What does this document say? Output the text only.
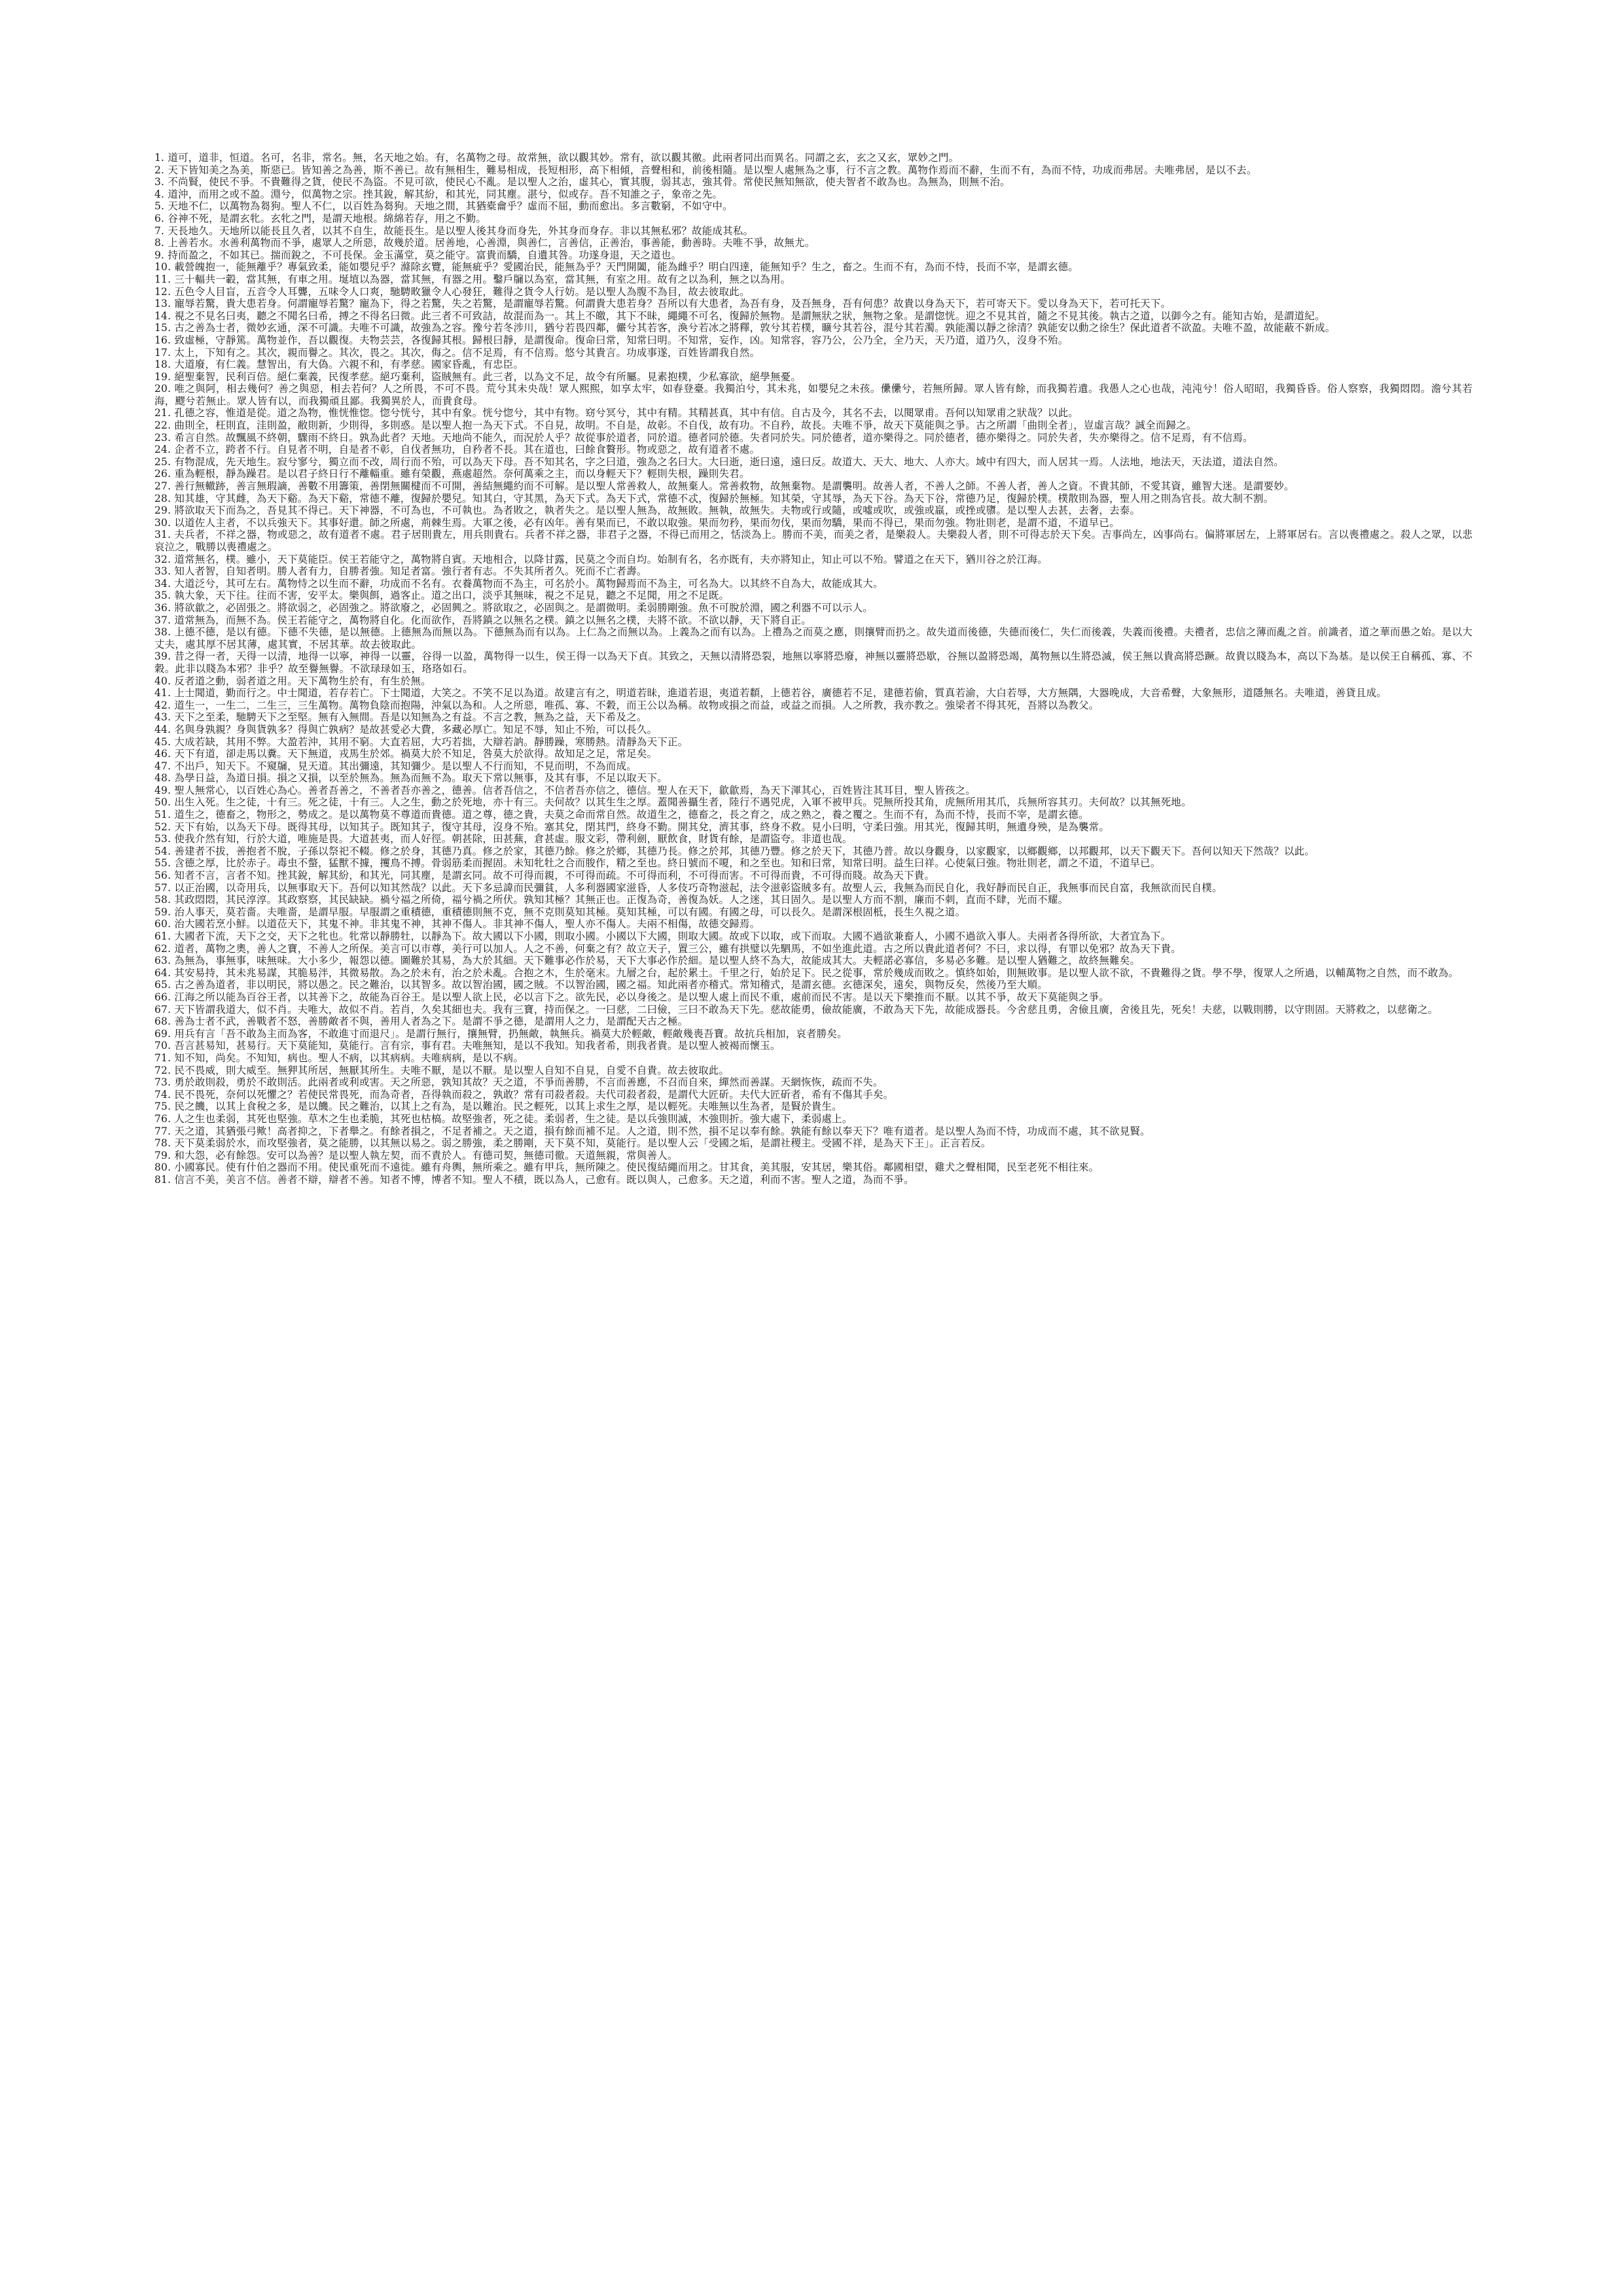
1. 道可，道非，恒道。名可，名非，常名。無，名天地之始。有，名萬物之母。故常無，欲以觀其妙。常有，欲以觀其徼。此兩者同出而異名。同謂之玄，玄之又玄，眾妙之門。

2. 天下皆知美之為美，斯惡已。皆知善之為善，斯不善已。故有無相生，難易相成，長短相形，高下相傾，音聲相和，前後相隨。是以聖人處無為之事，行不言之教。萬物作焉而不辭，生而不有，為而不恃，功成而弗居。夫唯弗居，是以不去。

3. 不尚賢，使民不爭。不貴難得之貨，使民不為盜。不見可欲，使民心不亂。是以聖人之治，虛其心，實其腹，弱其志，強其骨。常使民無知無欲，使夫智者不敢為也。為無為，則無不治。

4. 道沖，而用之或不盈。淵兮，似萬物之宗。挫其銳，解其紛，和其光，同其塵。湛兮，似或存。吾不知誰之子，象帝之先。

5. 天地不仁，以萬物為芻狗。聖人不仁，以百姓為芻狗。天地之間，其猶橐龠乎？虛而不屈，動而愈出。多言數窮，不如守中。

6. 谷神不死，是謂玄牝。玄牝之門，是謂天地根。綿綿若存，用之不勤。

7. 天長地久。天地所以能長且久者，以其不自生，故能長生。是以聖人後其身而身先，外其身而身存。非以其無私邪？故能成其私。

8. 上善若水。水善利萬物而不爭，處眾人之所惡，故幾於道。居善地，心善淵，與善仁，言善信，正善治，事善能，動善時。夫唯不爭，故無尤。

9. 持而盈之，不如其已。揣而銳之，不可長保。金玉滿堂，莫之能守。富貴而驕，自遺其咎。功遂身退，天之道也。

10. 載營魄抱一，能無離乎？專氣致柔，能如嬰兒乎？滌除玄覽，能無疵乎？愛國治民，能無為乎？天門開闔，能為雌乎？明白四達，能無知乎？生之，畜之。生而不有，為而不恃，長而不宰，是謂玄德。

11. 三十輻共一轂，當其無，有車之用。埏埴以為器，當其無，有器之用。鑿戶牖以為室，當其無，有室之用。故有之以為利，無之以為用。

12. 五色令人目盲，五音令人耳聾，五味令人口爽，馳騁畋獵令人心發狂，難得之貨令人行妨。是以聖人為腹不為目，故去彼取此。

13. 寵辱若驚，貴大患若身。何謂寵辱若驚？寵為下，得之若驚，失之若驚，是謂寵辱若驚。何謂貴大患若身？吾所以有大患者，為吾有身，及吾無身，吾有何患？故貴以身為天下，若可寄天下。愛以身為天下，若可托天下。

14. 視之不見名曰夷，聽之不聞名曰希，搏之不得名曰微。此三者不可致詰，故混而為一。其上不皦，其下不昧，繩繩不可名，復歸於無物。是謂無狀之狀，無物之象。是謂惚恍。迎之不見其首，隨之不見其後。執古之道，以御今之有。能知古始，是謂道紀。

15. 古之善為士者，微妙玄通，深不可識。夫唯不可識，故強為之容。豫兮若冬涉川，猶兮若畏四鄰，儼兮其若客，渙兮若冰之將釋，敦兮其若樸，曠兮其若谷，混兮其若濁。孰能濁以靜之徐清？孰能安以動之徐生？保此道者不欲盈。夫唯不盈，故能蔽不新成。

16. 致虛極，守靜篤。萬物並作，吾以觀復。夫物芸芸，各復歸其根。歸根曰靜，是謂復命。復命曰常，知常曰明。不知常，妄作，凶。知常容，容乃公，公乃全，全乃天，天乃道，道乃久，沒身不殆。

17. 太上，下知有之。其次，親而譽之。其次，畏之。其次，侮之。信不足焉，有不信焉。悠兮其貴言。功成事遂，百姓皆謂我自然。

18. 大道廢，有仁義。慧智出，有大偽。六親不和，有孝慈。國家昏亂，有忠臣。

19. 絕聖棄智，民利百倍。絕仁棄義，民復孝慈。絕巧棄利，盜賊無有。此三者，以為文不足，故令有所屬。見素抱樸，少私寡欲，絕學無憂。

20. 唯之與阿，相去幾何？善之與惡，相去若何？人之所畏，不可不畏。荒兮其未央哉！眾人熙熙，如享太牢，如春登臺。我獨泊兮，其未兆，如嬰兒之未孩。儽儽兮，若無所歸。眾人皆有餘，而我獨若遺。我愚人之心也哉，沌沌兮！俗人昭昭，我獨昏昏。俗人察察，我獨悶悶。澹兮其若海，飂兮若無止。眾人皆有以，而我獨頑且鄙。我獨異於人，而貴食母。

21. 孔德之容，惟道是從。道之為物，惟恍惟惚。惚兮恍兮，其中有象。恍兮惚兮，其中有物。窈兮冥兮，其中有精。其精甚真，其中有信。自古及今，其名不去，以閱眾甫。吾何以知眾甫之狀哉？以此。

22. 曲則全，枉則直，洼則盈，敝則新，少則得，多則惑。是以聖人抱一為天下式。不自見，故明。不自是，故彰。不自伐，故有功。不自矜，故長。夫唯不爭，故天下莫能與之爭。古之所謂「曲則全者」，豈虛言哉？誠全而歸之。

23. 希言自然。故飄風不終朝，驟雨不終日。孰為此者？天地。天地尚不能久，而況於人乎？故從事於道者，同於道。德者同於德。失者同於失。同於德者，道亦樂得之。同於德者，德亦樂得之。同於失者，失亦樂得之。信不足焉，有不信焉。

24. 企者不立，跨者不行。自見者不明，自是者不彰，自伐者無功，自矜者不長。其在道也，曰餘食贅形。物或惡之，故有道者不處。

25. 有物混成，先天地生。寂兮寥兮，獨立而不改，周行而不殆，可以為天下母。吾不知其名，字之曰道，強為之名曰大。大曰逝，逝曰遠，遠曰反。故道大、天大、地大、人亦大。域中有四大，而人居其一焉。人法地，地法天，天法道，道法自然。

26. 重為輕根，靜為躁君。是以君子終日行不離輜重。雖有榮觀，燕處超然。奈何萬乘之主，而以身輕天下？輕則失根，躁則失君。

27. 善行無轍跡，善言無瑕謫，善數不用籌策，善閉無關楗而不可開，善結無繩約而不可解。是以聖人常善救人，故無棄人。常善救物，故無棄物。是謂襲明。故善人者，不善人之師。不善人者，善人之資。不貴其師，不愛其資，雖智大迷。是謂要妙。

28. 知其雄，守其雌，為天下谿。為天下谿，常德不離，復歸於嬰兒。知其白，守其黑，為天下式。為天下式，常德不忒，復歸於無極。知其榮，守其辱，為天下谷。為天下谷，常德乃足，復歸於樸。樸散則為器，聖人用之則為官長。故大制不割。

29. 將欲取天下而為之，吾見其不得已。天下神器，不可為也，不可執也。為者敗之，執者失之。是以聖人無為，故無敗。無執，故無失。夫物或行或隨，或噓或吹，或強或羸，或挫或隳。是以聖人去甚，去奢，去泰。

30. 以道佐人主者，不以兵強天下。其事好還。師之所處，荊棘生焉。大軍之後，必有凶年。善有果而已，不敢以取強。果而勿矜，果而勿伐，果而勿驕，果而不得已，果而勿強。物壯則老，是謂不道，不道早已。

31. 夫兵者，不祥之器，物或惡之，故有道者不處。君子居則貴左，用兵則貴右。兵者不祥之器，非君子之器，不得已而用之，恬淡為上。勝而不美，而美之者，是樂殺人。夫樂殺人者，則不可得志於天下矣。吉事尚左，凶事尚右。偏將軍居左，上將軍居右。言以喪禮處之。殺人之眾，以悲哀泣之，戰勝以喪禮處之。

32. 道常無名，樸。雖小，天下莫能臣。侯王若能守之，萬物將自賓。天地相合，以降甘露，民莫之令而自均。始制有名，名亦既有，夫亦將知止，知止可以不殆。譬道之在天下，猶川谷之於江海。

33. 知人者智，自知者明。勝人者有力，自勝者強。知足者富。強行者有志。不失其所者久。死而不亡者壽。

34. 大道泛兮，其可左右。萬物恃之以生而不辭，功成而不名有。衣養萬物而不為主，可名於小。萬物歸焉而不為主，可名為大。以其終不自為大，故能成其大。

35. 執大象，天下往。往而不害，安平太。樂與餌，過客止。道之出口，淡乎其無味，視之不足見，聽之不足聞，用之不足既。

36. 將欲歙之，必固張之。將欲弱之，必固強之。將欲廢之，必固興之。將欲取之，必固與之。是謂微明。柔弱勝剛強。魚不可脫於淵，國之利器不可以示人。

37. 道常無為，而無不為。侯王若能守之，萬物將自化。化而欲作，吾將鎮之以無名之樸。鎮之以無名之樸，夫將不欲。不欲以靜，天下將自正。

38. 上德不德，是以有德。下德不失德，是以無德。上德無為而無以為。下德無為而有以為。上仁為之而無以為。上義為之而有以為。上禮為之而莫之應，則攘臂而扔之。故失道而後德，失德而後仁，失仁而後義，失義而後禮。夫禮者，忠信之薄而亂之首。前識者，道之華而愚之始。是以大丈夫，處其厚不居其薄，處其實，不居其華。故去彼取此。

39. 昔之得一者，天得一以清，地得一以寧，神得一以靈，谷得一以盈，萬物得一以生，侯王得一以為天下貞。其致之，天無以清將恐裂，地無以寧將恐廢，神無以靈將恐歇，谷無以盈將恐竭，萬物無以生將恐滅，侯王無以貴高將恐蹶。故貴以賤為本，高以下為基。是以侯王自稱孤、寡、不穀。此非以賤為本邪？非乎？故至譽無譽。不欲琭琭如玉，珞珞如石。

40. 反者道之動，弱者道之用。天下萬物生於有，有生於無。

41. 上士聞道，勤而行之。中士聞道，若存若亡。下士聞道，大笑之。不笑不足以為道。故建言有之，明道若昧，進道若退，夷道若纇，上德若谷，廣德若不足，建德若偷，質真若渝，大白若辱，大方無隅，大器晚成，大音希聲，大象無形，道隱無名。夫唯道，善貸且成。

42. 道生一，一生二，二生三，三生萬物。萬物負陰而抱陽，沖氣以為和。人之所惡，唯孤、寡、不穀，而王公以為稱。故物或損之而益，或益之而損。人之所教，我亦教之。強梁者不得其死，吾將以為教父。

43. 天下之至柔，馳騁天下之至堅。無有入無間。吾是以知無為之有益。不言之教，無為之益，天下希及之。

44. 名與身孰親？身與貨孰多？得與亡孰病？是故甚愛必大費，多藏必厚亡。知足不辱，知止不殆，可以長久。

45. 大成若缺，其用不弊。大盈若沖，其用不窮。大直若屈，大巧若拙，大辯若訥。靜勝躁，寒勝熱。清靜為天下正。

46. 天下有道，卻走馬以糞。天下無道，戎馬生於郊。禍莫大於不知足，咎莫大於欲得。故知足之足，常足矣。

47. 不出戶，知天下。不窺牖，見天道。其出彌遠，其知彌少。是以聖人不行而知，不見而明，不為而成。

48. 為學日益，為道日損。損之又損，以至於無為。無為而無不為。取天下常以無事，及其有事，不足以取天下。

49. 聖人無常心，以百姓心為心。善者吾善之，不善者吾亦善之，德善。信者吾信之，不信者吾亦信之，德信。聖人在天下，歙歙焉，為天下渾其心，百姓皆注其耳目，聖人皆孩之。

50. 出生入死。生之徒，十有三。死之徒，十有三。人之生，動之於死地，亦十有三。夫何故？以其生生之厚。蓋聞善攝生者，陸行不遇兕虎，入軍不被甲兵。兕無所投其角，虎無所用其爪，兵無所容其刃。夫何故？以其無死地。

51. 道生之，德畜之，物形之，勢成之。是以萬物莫不尊道而貴德。道之尊，德之貴，夫莫之命而常自然。故道生之，德畜之，長之育之，成之熟之，養之覆之。生而不有，為而不恃，長而不宰，是謂玄德。

52. 天下有始，以為天下母。既得其母，以知其子。既知其子，復守其母，沒身不殆。塞其兌，閉其門，終身不勤。開其兌，濟其事，終身不救。見小曰明，守柔曰強。用其光，復歸其明，無遺身殃，是為襲常。

53. 使我介然有知，行於大道，唯施是畏。大道甚夷，而人好徑。朝甚除，田甚蕪，倉甚虛。服文彩，帶利劍，厭飲食，財貨有餘，是謂盜夸。非道也哉。

54. 善建者不拔，善抱者不脫，子孫以祭祀不輟。修之於身，其德乃真。修之於家，其德乃餘。修之於鄉，其德乃長。修之於邦，其德乃豐。修之於天下，其德乃普。故以身觀身，以家觀家，以鄉觀鄉，以邦觀邦，以天下觀天下。吾何以知天下然哉？以此。

55. 含德之厚，比於赤子。毒虫不螫，猛獸不據，攫鳥不搏。骨弱筋柔而握固。未知牝牡之合而朘作，精之至也。終日號而不嗄，和之至也。知和曰常，知常曰明。益生曰祥。心使氣曰強。物壯則老，謂之不道，不道早已。

56. 知者不言，言者不知。挫其銳，解其紛，和其光，同其塵，是謂玄同。故不可得而親，不可得而疏。不可得而利，不可得而害。不可得而貴，不可得而賤。故為天下貴。

57. 以正治國，以奇用兵，以無事取天下。吾何以知其然哉？以此。天下多忌諱而民彌貧，人多利器國家滋昏，人多伎巧奇物滋起，法令滋彰盜賊多有。故聖人云，我無為而民自化，我好靜而民自正，我無事而民自富，我無欲而民自樸。

58. 其政悶悶，其民淳淳。其政察察，其民缺缺。禍兮福之所倚，福兮禍之所伏。孰知其極？其無正也。正復為奇，善復為妖。人之迷，其日固久。是以聖人方而不割，廉而不刺，直而不肆，光而不耀。

59. 治人事天，莫若嗇。夫唯嗇，是謂早服。早服謂之重積德，重積德則無不克，無不克則莫知其極。莫知其極，可以有國。有國之母，可以長久。是謂深根固柢，長生久視之道。

60. 治大國若烹小鮮。以道莅天下，其鬼不神。非其鬼不神，其神不傷人。非其神不傷人，聖人亦不傷人。夫兩不相傷，故德交歸焉。

61. 大國者下流，天下之交，天下之牝也。牝常以靜勝牡，以靜為下。故大國以下小國，則取小國。小國以下大國，則取大國。故或下以取，或下而取。大國不過欲兼畜人，小國不過欲入事人。夫兩者各得所欲，大者宜為下。

62. 道者，萬物之奧，善人之寶，不善人之所保。美言可以市尊，美行可以加人。人之不善，何棄之有？故立天子，置三公，雖有拱璧以先駟馬，不如坐進此道。古之所以貴此道者何？不曰，求以得，有罪以免邪？故為天下貴。

63. 為無為，事無事，味無味。大小多少，報怨以德。圖難於其易，為大於其細。天下難事必作於易，天下大事必作於細。是以聖人終不為大，故能成其大。夫輕諾必寡信，多易必多難。是以聖人猶難之，故終無難矣。

64. 其安易持，其未兆易謀，其脆易泮，其微易散。為之於未有，治之於未亂。合抱之木，生於毫末。九層之台，起於累土。千里之行，始於足下。民之從事，常於幾成而敗之。慎終如始，則無敗事。是以聖人欲不欲，不貴難得之貨。學不學，復眾人之所過，以輔萬物之自然，而不敢為。

65. 古之善為道者，非以明民，將以愚之。民之難治，以其智多。故以智治國，國之賊。不以智治國，國之福。知此兩者亦稽式。常知稽式，是謂玄德。玄德深矣，遠矣，與物反矣，然後乃至大順。

66. 江海之所以能為百谷王者，以其善下之，故能為百谷王。是以聖人欲上民，必以言下之。欲先民，必以身後之。是以聖人處上而民不重，處前而民不害。是以天下樂推而不厭。以其不爭，故天下莫能與之爭。

67. 天下皆謂我道大，似不肖。夫唯大，故似不肖。若肖，久矣其細也夫。我有三寶，持而保之。一曰慈，二曰儉，三曰不敢為天下先。慈故能勇，儉故能廣，不敢為天下先，故能成器長。今舍慈且勇，舍儉且廣，舍後且先，死矣！夫慈，以戰則勝，以守則固。天將救之，以慈衛之。

68. 善為士者不武，善戰者不怒，善勝敵者不與，善用人者為之下。是謂不爭之德，是謂用人之力，是謂配天古之極。

69. 用兵有言「吾不敢為主而為客，不敢進寸而退尺」。是謂行無行，攘無臂，扔無敵，執無兵。禍莫大於輕敵，輕敵幾喪吾寶。故抗兵相加，哀者勝矣。

70. 吾言甚易知，甚易行。天下莫能知，莫能行。言有宗，事有君。夫唯無知，是以不我知。知我者希，則我者貴。是以聖人被褐而懷玉。

71. 知不知，尚矣。不知知，病也。聖人不病，以其病病。夫唯病病，是以不病。

72. 民不畏威，則大威至。無狎其所居，無厭其所生。夫唯不厭，是以不厭。是以聖人自知不自見，自愛不自貴。故去彼取此。

73. 勇於敢則殺，勇於不敢則活。此兩者或利或害。天之所惡，孰知其故？天之道，不爭而善勝，不言而善應，不召而自來，繟然而善謀。天網恢恢，疏而不失。

74. 民不畏死，奈何以死懼之？若使民常畏死，而為奇者，吾得執而殺之，孰敢？常有司殺者殺。夫代司殺者殺，是謂代大匠斫。夫代大匠斫者，希有不傷其手矣。

75. 民之饑，以其上食稅之多，是以饑。民之難治，以其上之有為，是以難治。民之輕死，以其上求生之厚，是以輕死。夫唯無以生為者，是賢於貴生。

76. 人之生也柔弱，其死也堅強。草木之生也柔脆，其死也枯槁。故堅強者，死之徒。柔弱者，生之徒。是以兵強則滅，木強則折。強大處下，柔弱處上。

77. 天之道，其猶張弓歟！高者抑之，下者舉之。有餘者損之，不足者補之。天之道，損有餘而補不足。人之道，則不然，損不足以奉有餘。孰能有餘以奉天下？唯有道者。是以聖人為而不恃，功成而不處，其不欲見賢。

78. 天下莫柔弱於水，而攻堅強者，莫之能勝，以其無以易之。弱之勝強，柔之勝剛，天下莫不知，莫能行。是以聖人云「受國之垢，是謂社稷主。受國不祥，是為天下王」。正言若反。

79. 和大怨，必有餘怨。安可以為善？是以聖人執左契，而不責於人。有德司契，無德司徹。天道無親，常與善人。

80. 小國寡民。使有什伯之器而不用。使民重死而不遠徙。雖有舟輿，無所乘之。雖有甲兵，無所陳之。使民復結繩而用之。甘其食，美其服，安其居，樂其俗。鄰國相望，雞犬之聲相聞，民至老死不相往來。

81. 信言不美，美言不信。善者不辯，辯者不善。知者不博，博者不知。聖人不積，既以為人，己愈有。既以與人，己愈多。天之道，利而不害。聖人之道，為而不爭。
